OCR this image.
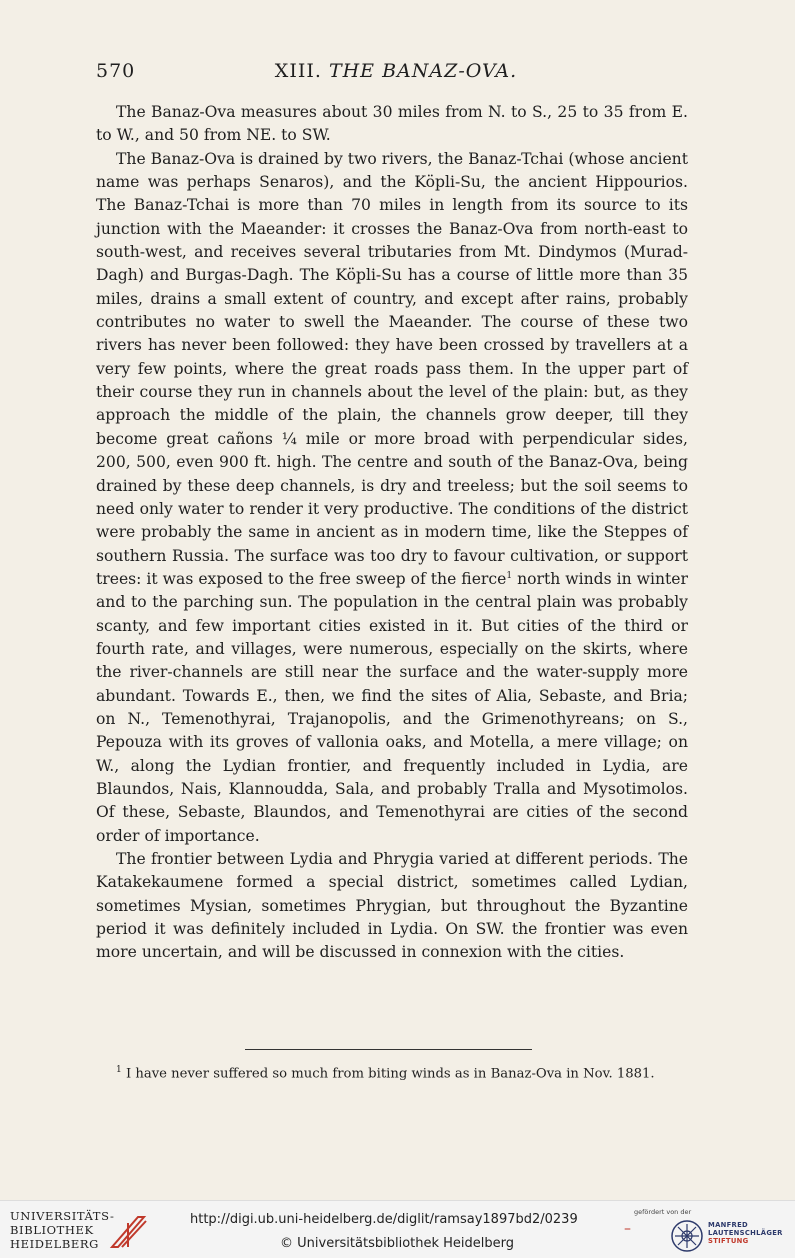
570	XIII. THE BANAZ-OVA.

The Banaz-Ova measures about 30 miles from N. to S., 25 to 35 from E. to W., and 50 from NE. to SW.

The Banaz-Ova is drained by two rivers, the Banaz-Tchai (whose ancient name was perhaps Senaros), and the Köpli-Su, the ancient Hippourios. The Banaz-Tchai is more than 70 miles in length from its source to its junction with the Maeander: it crosses the Banaz-Ova from north-east to south-west, and receives several tributaries from Mt. Dindymos (Murad-Dagh) and Burgas-Dagh. The Köpli-Su has a course of little more than 35 miles, drains a small extent of country, and except after rains, probably contributes no water to swell the Maeander. The course of these two rivers has never been followed: they have been crossed by travellers at a very few points, where the great roads pass them. In the upper part of their course they run in channels about the level of the plain: but, as they approach the middle of the plain, the channels grow deeper, till they become great cañons ¼ mile or more broad with perpendicular sides, 200, 500, even 900 ft. high. The centre and south of the Banaz-Ova, being drained by these deep channels, is dry and treeless; but the soil seems to need only water to render it very productive. The conditions of the district were probably the same in ancient as in modern time, like the Steppes of southern Russia. The surface was too dry to favour cultivation, or support trees: it was exposed to the free sweep of the fierce$^1$ north winds in winter and to the parching sun. The population in the central plain was probably scanty, and few important cities existed in it. But cities of the third or fourth rate, and villages, were numerous, especially on the skirts, where the river-channels are still near the surface and the water-supply more abundant. Towards E., then, we find the sites of Alia, Sebaste, and Bria; on N., Temenothyrai, Trajanopolis, and the Grimenothyreans; on S., Pepouza with its groves of vallonia oaks, and Motella, a mere village; on W., along the Lydian frontier, and frequently included in Lydia, are Blaundos, Nais, Klannoudda, Sala, and probably Tralla and Mysotimolos. Of these, Sebaste, Blaundos, and Temenothyrai are cities of the second order of importance.

The frontier between Lydia and Phrygia varied at different periods. The Katakekaumene formed a special district, sometimes called Lydian, sometimes Mysian, sometimes Phrygian, but throughout the Byzantine period it was definitely included in Lydia. On SW. the frontier was even more uncertain, and will be discussed in connexion with the cities.

$^1$ I have never suffered so much from biting winds as in Banaz-Ova in Nov. 1881.

UNIVERSITÄTS-
BIBLIOTHEK
HEIDELBERG
http://digi.ub.uni-heidelberg.de/diglit/ramsay1897bd2/0239
© Universitätsbibliothek Heidelberg
–
gefördert von der
MANFRED
LAUTENSCHLÄGER
STIFTUNG
